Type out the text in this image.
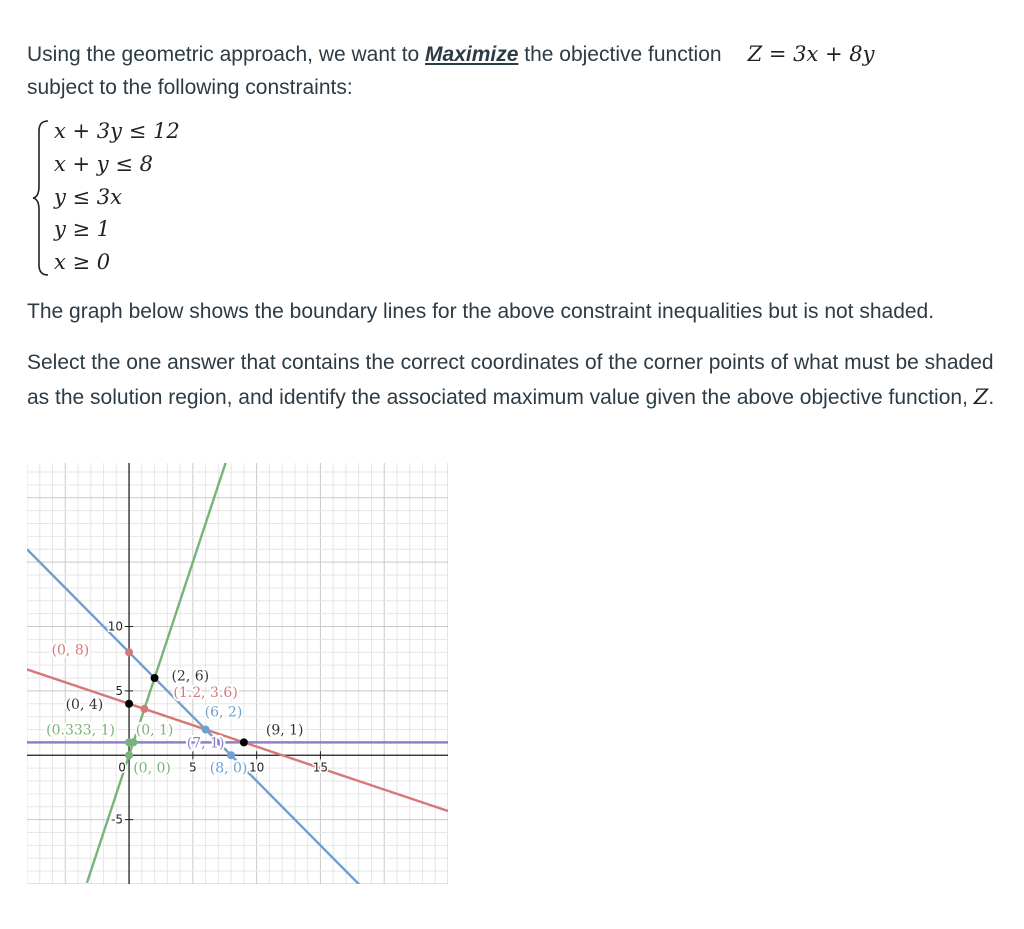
Using the geometric approach, we want to Maximize the objective function Z = 3x + 8y

subject to the following constraints:

x + 3y ≤ 12
x + y ≤ 8
y ≤ 3x
y ≥ 1
x ≥ 0

The graph below shows the boundary lines for the above constraint inequalities but is not shaded.

Select the one answer that contains the correct coordinates of the corner points of what must be shaded as the solution region, and identify the associated maximum value given the above objective function, Z.

(0, 8)
(2, 6)
(1.2, 3.6)
(0, 4)	(6, 2)
(0.333, 1) (0, 1)	(9, 1)
(7, 1)
(0, 0)	(8, 0)
0	5	10	15
10
5
-5
